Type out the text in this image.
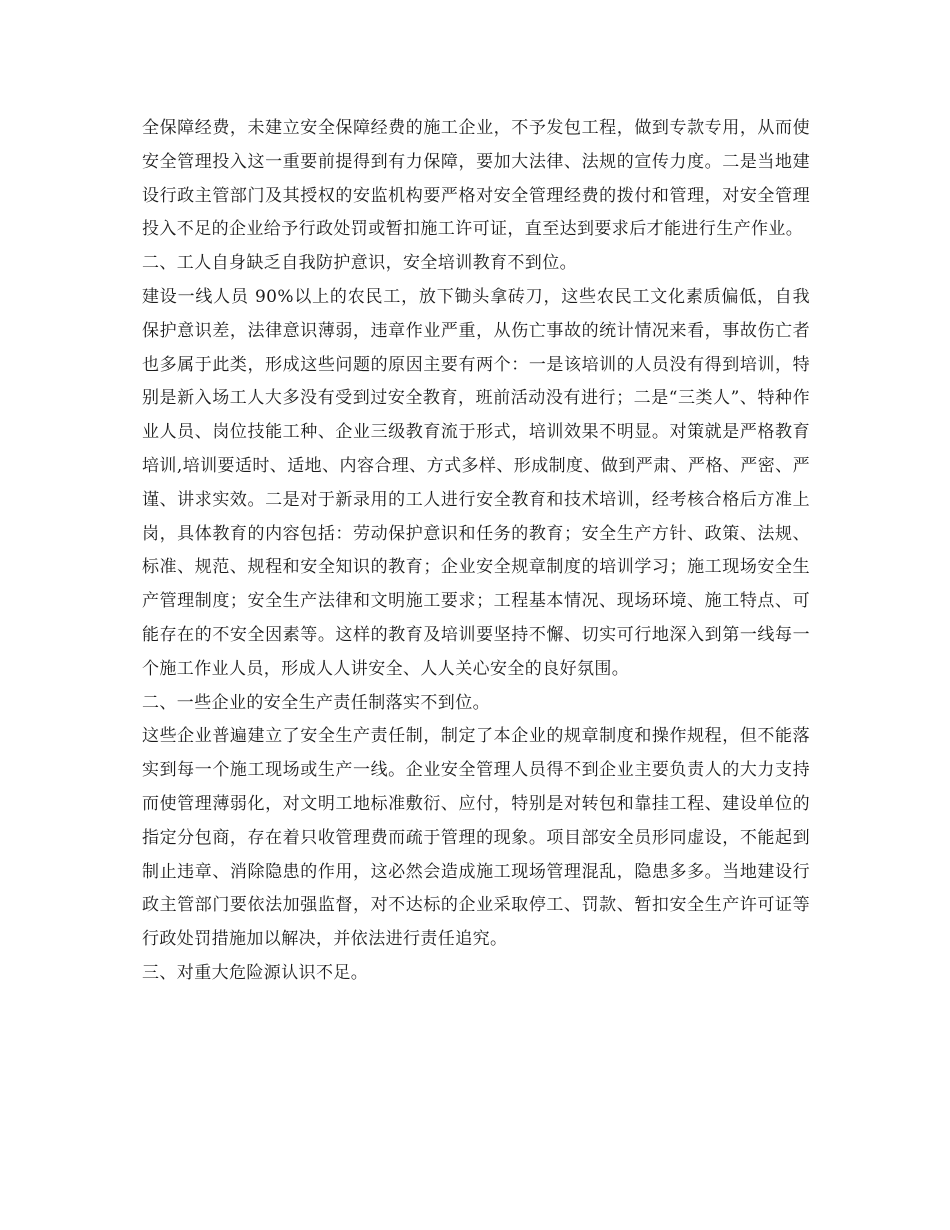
全保障经费，未建立安全保障经费的施工企业，不予发包工程，做到专款专用，从而使安全管理投入这一重要前提得到有力保障，要加大法律、法规的宣传力度。二是当地建设行政主管部门及其授权的安监机构要严格对安全管理经费的拨付和管理，对安全管理投入不足的企业给予行政处罚或暂扣施工许可证，直至达到要求后才能进行生产作业。

二、工人自身缺乏自我防护意识，安全培训教育不到位。

建设一线人员 90%以上的农民工，放下锄头拿砖刀，这些农民工文化素质偏低，自我保护意识差，法律意识薄弱，违章作业严重，从伤亡事故的统计情况来看，事故伤亡者也多属于此类，形成这些问题的原因主要有两个：一是该培训的人员没有得到培训，特别是新入场工人大多没有受到过安全教育，班前活动没有进行；二是“三类人”、特种作业人员、岗位技能工种、企业三级教育流于形式，培训效果不明显。对策就是严格教育培训,培训要适时、适地、内容合理、方式多样、形成制度、做到严肃、严格、严密、严谨、讲求实效。二是对于新录用的工人进行安全教育和技术培训，经考核合格后方准上岗，具体教育的内容包括：劳动保护意识和任务的教育；安全生产方针、政策、法规、标准、规范、规程和安全知识的教育；企业安全规章制度的培训学习；施工现场安全生产管理制度；安全生产法律和文明施工要求；工程基本情况、现场环境、施工特点、可能存在的不安全因素等。这样的教育及培训要坚持不懈、切实可行地深入到第一线每一个施工作业人员，形成人人讲安全、人人关心安全的良好氛围。

二、一些企业的安全生产责任制落实不到位。

这些企业普遍建立了安全生产责任制，制定了本企业的规章制度和操作规程，但不能落实到每一个施工现场或生产一线。企业安全管理人员得不到企业主要负责人的大力支持而使管理薄弱化，对文明工地标准敷衍、应付，特别是对转包和靠挂工程、建设单位的指定分包商，存在着只收管理费而疏于管理的现象。项目部安全员形同虚设，不能起到制止违章、消除隐患的作用，这必然会造成施工现场管理混乱，隐患多多。当地建设行政主管部门要依法加强监督，对不达标的企业采取停工、罚款、暂扣安全生产许可证等行政处罚措施加以解决，并依法进行责任追究。

三、对重大危险源认识不足。
